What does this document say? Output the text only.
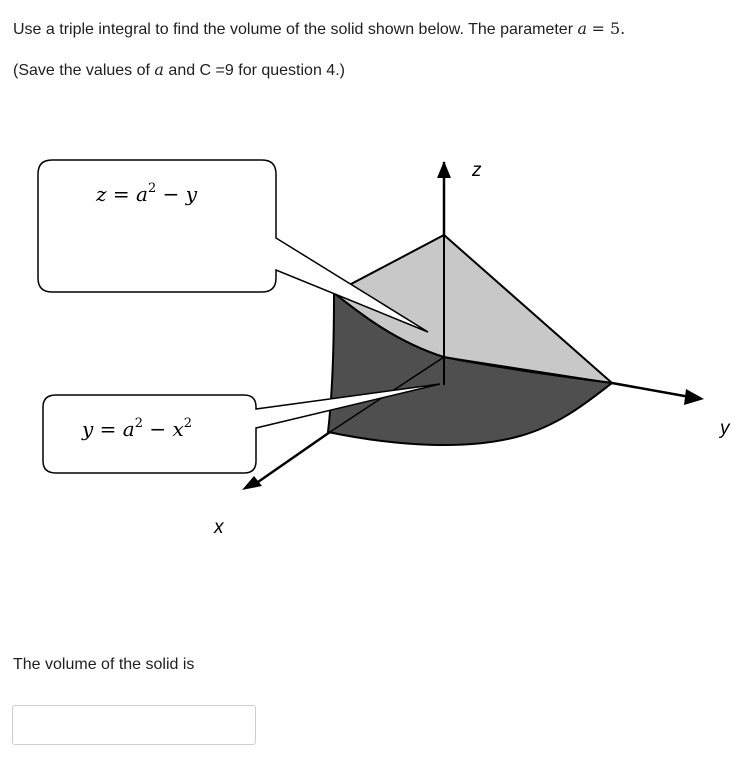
Use a triple integral to find the volume of the solid shown below. The parameter a = 5.

(Save the values of a and C =9 for question 4.)

$z = a^2 - y$
$y = a^2 - x^2$
z
y
x

The volume of the solid is
